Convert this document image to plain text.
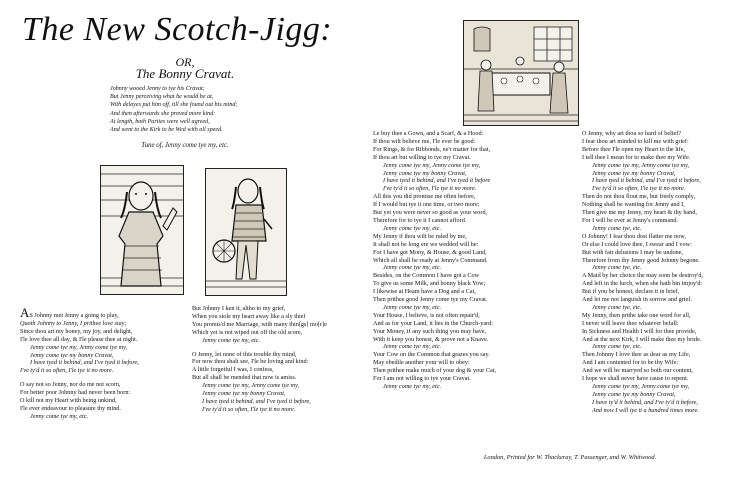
The New Scotch-Jigg:
OR,
The Bonny Cravat.
Johnny wooed Jenny to tye his Cravat;
But Jenny perceiving what he would be at,
With delayes put him off, till she found out his mind;
And then afterwards she proved more kind:
At length, both Parties were well agreed,
And went to the Kirk to be Wed with all speed.
Tune of, Jenny come tye my, etc.
AS Johnny met Jenny a going to play,
Quoth Johnny to Jenny, I prithee love stay;
Since thou art my honey, my joy, and delight,
I'le love thee all day, & I'le please thee at night.
Jenny come tye my, Jenny come tye my,
Jenny come tye my bonny Cravat,
I have tyed it behind, and I've tyed it before,
I've ty'd it so often, I'le tye it no more.
O say not so Jenny, nor do me not scorn,
For better poor Johnny had never been born:
O kill not my Heart with being unkind,
I'le ever endeavour to pleasure thy mind.
Jenny come tye my, etc.
But Johnny I ken it, altho to my grief,
When you stole my heart away like a sly thief
You promis'd me Marriage, with many thin[gs] mo[r]e
Which yet is not wiped out off the old score,
Jenny come tye my, etc.
O Jenny, let none of this trouble thy mind,
For now thou shalt see, I'le be loving and kind:
A little forgetful I was, I confess,
But all shall be mended that now is amiss.
Jenny come tye my, Jenny come tye my,
Jenny come tye my bonny Cravat,
I have tyed it behind, and I've tyed it before,
I've ty'd it so often, I'le tye it no more.
Le buy thee a Gown, and a Scarf, & a Hood:
If thou wilt believe me, I'le ever be good:
For Rings, & for Ribbonds, ne'r matter for that,
If thou art but willing to tye my Cravat.
Jenny come tye my, Jenny come tye my,
Jenny come tye my bonny Cravat,
I have tyed it behind, and I've tyed it before
I've ty'd it so often, I'le tye it no more.
All this you did promise me often before,
If I would but tye it one time, or two more;
But yet you were never so good as your word,
Therefore for to tye it I cannot afford.
Jenny come tye my, etc.
My Jenny if thou wilt be ruled by me,
It shall not be long ere we wedded will be:
For I have got Mony, & House, & good Land,
Which all shall be ready at Jenny's Command.
Jenny come tye my, etc.
Besides, on the Common I have got a Cow
To give us some Milk, and bonny black Yow;
I likewise at Heam have a Dog and a Cat,
Then prithee good Jenny come tye my Cravat.
Jenny come tye my, etc.
Your House, I believe, is not often repair'd,
And as for your Land, it lies in the Church-yard:
Your Money, if any such thing you may have,
With it keep you honest, & prove not a Knave.
Jenny come tye my, etc.
Your Cow on the Common that grazes you say.
May ebedile another your will to obey:
Then prithee make much of your dog & your Cat,
For I am not willing to tye your Cravat.
Jenny come tye my, etc.
O Jenny, why art thou so hard of belief?
I fear thou art minded to kill me with grief:
Before thee I'le open my Heart to the life,
I tell thee I mean for to make thee my Wife.
Jenny come tye my, Jenny come tye my,
Jenny come tye my bonny Cravat,
I have tyed it behind, and I've tyed it before,
I've ty'd it so often, I'le tye it no more.
Then do not thou flout me, but freely comply,
Nothing shall be wanting for Jenny and I,
Then give me my Jenny, my heart & thy hand,
For I will be ever at Jenny's command.
Jenny come tye, etc.
O Johnny! I fear thou dost flatter me now,
Or else I could love thee, I swear and I vow:
But with fair delusions I may be undone,
Therefore from thy Jenny good Johnny begone.
Jenny come tye, etc.
A Maid by her choice the may soon be destroy'd,
And left in the lurch, when she hath bin imjoy'd:
But if you be honest, declare it in brief,
And let me not languish in sorrow and grief.
Jenny come tye, etc.
My Jenny, then prithe take one word for all,
I never will leave thee whatever befall:
In Sickness and Health I will for thee provide,
And at the next Kirk, I will make thee my bride.
Jenny come tye, etc.
Then Johnny I love thee as dear as my Life,
And I am contented for to be thy Wife:
And we will be marryed so both our content,
I hope we shall never have cause to repent.
Jenny come tye my, Jenny come tye my,
Jenny come tye my bonny Cravat,
I have ty'd it behind, and I've ty'd it before,
And now I will tye it a hundred times more.
London, Printed for W. Thackeray, T. Passenger, and W. Whitwood.
